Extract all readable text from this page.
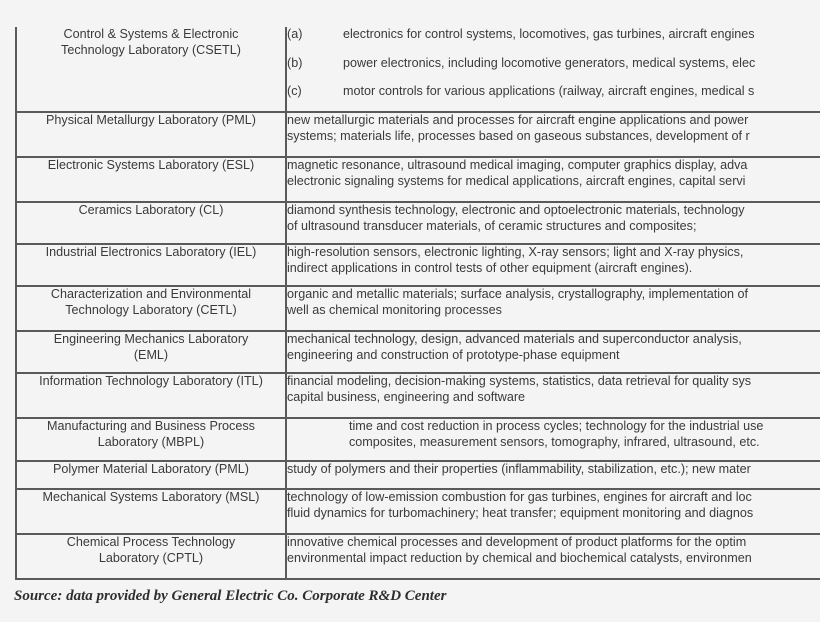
Control & Systems & Electronic
Technology Laboratory (CSETL)	(a) electronics for control systems, locomotives, gas turbines, aircraft engines
(b) power electronics, including locomotive generators, medical systems, elec
(c) motor controls for various applications (railway, aircraft engines, medical s

Physical Metallurgy Laboratory (PML)	new metallurgic materials and processes for aircraft engine applications and power
systems; materials life, processes based on gaseous substances, development of r

Electronic Systems Laboratory (ESL)	magnetic resonance, ultrasound medical imaging, computer graphics display, adva
electronic signaling systems for medical applications, aircraft engines, capital servi

Ceramics Laboratory (CL)	diamond synthesis technology, electronic and optoelectronic materials, technology
of ultrasound transducer materials, of ceramic structures and composites;

Industrial Electronics Laboratory (IEL)	high-resolution sensors, electronic lighting, X-ray sensors; light and X-ray physics,
indirect applications in control tests of other equipment (aircraft engines).

Characterization and Environmental
Technology Laboratory (CETL)	organic and metallic materials; surface analysis, crystallography, implementation of
well as chemical monitoring processes

Engineering Mechanics Laboratory
(EML)	mechanical technology, design, advanced materials and superconductor analysis,
engineering and construction of prototype-phase equipment

Information Technology Laboratory (ITL)	financial modeling, decision-making systems, statistics, data retrieval for quality sys
capital business, engineering and software

Manufacturing and Business Process
Laboratory (MBPL)	time and cost reduction in process cycles; technology for the industrial use
composites, measurement sensors, tomography, infrared, ultrasound, etc.

Polymer Material Laboratory (PML)	study of polymers and their properties (inflammability, stabilization, etc.); new mater

Mechanical Systems Laboratory (MSL)	technology of low-emission combustion for gas turbines, engines for aircraft and loc
fluid dynamics for turbomachinery; heat transfer; equipment monitoring and diagnos

Chemical Process Technology
Laboratory (CPTL)	innovative chemical processes and development of product platforms for the optim
environmental impact reduction by chemical and biochemical catalysts, environmen
Source: data provided by General Electric Co. Corporate R&D Center
